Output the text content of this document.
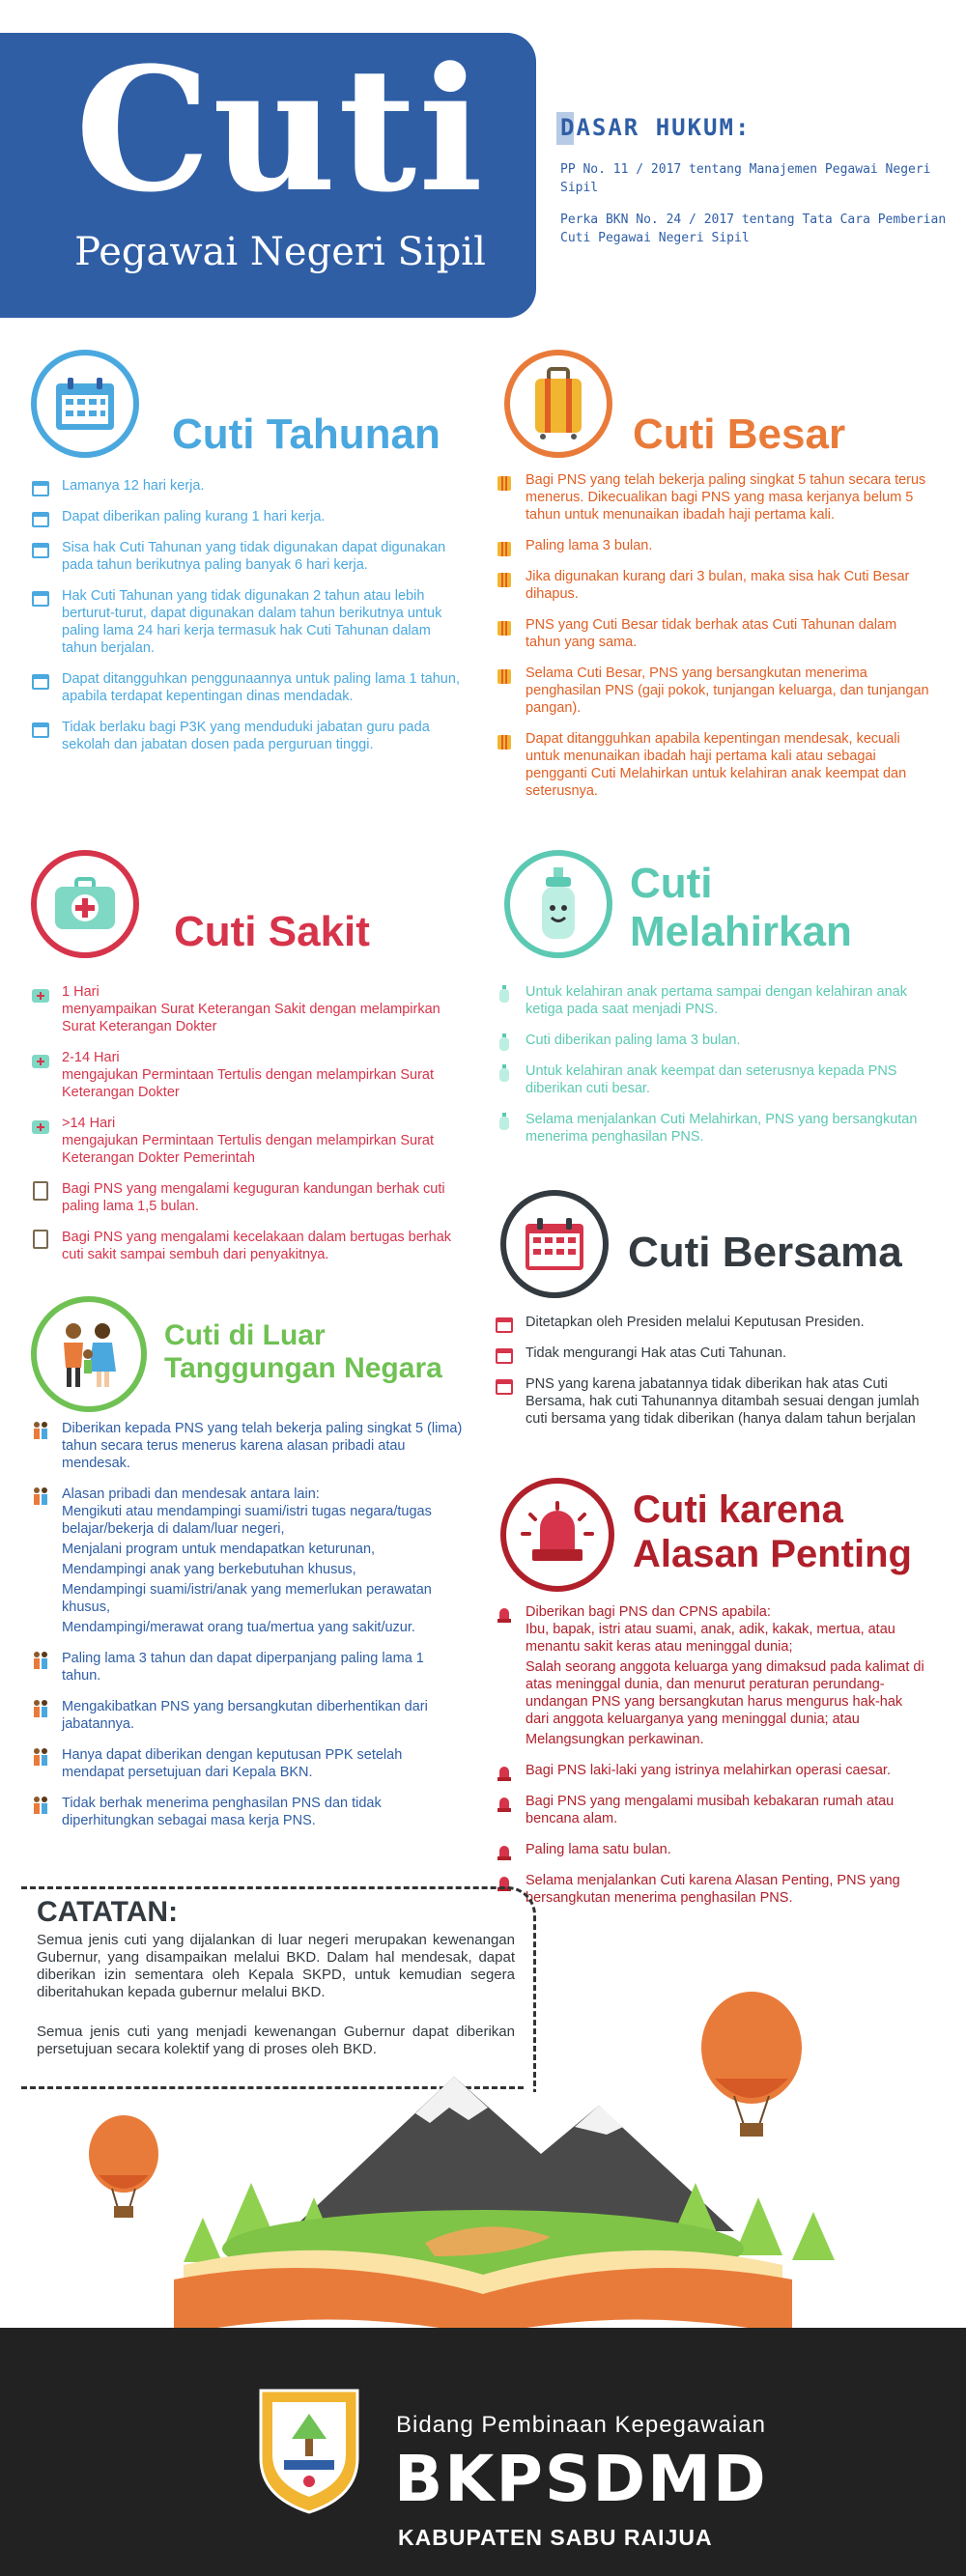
Cuti
Pegawai Negeri Sipil
DASAR HUKUM:
PP No. 11 / 2017 tentang Manajemen Pegawai Negeri Sipil
Perka BKN No. 24 / 2017 tentang Tata Cara Pemberian Cuti Pegawai Negeri Sipil
Cuti Tahunan
Lamanya 12 hari kerja.
Dapat diberikan paling kurang 1 hari kerja.
Sisa hak Cuti Tahunan yang tidak digunakan dapat digunakan pada tahun berikutnya paling banyak 6 hari kerja.
Hak Cuti Tahunan yang tidak digunakan 2 tahun atau lebih berturut-turut, dapat digunakan dalam tahun berikutnya untuk paling lama 24 hari kerja termasuk hak Cuti Tahunan dalam tahun berjalan.
Dapat ditangguhkan penggunaannya untuk paling lama 1 tahun, apabila terdapat kepentingan dinas mendadak.
Tidak berlaku bagi P3K yang menduduki jabatan guru pada sekolah dan jabatan dosen pada perguruan tinggi.
Cuti Besar
Bagi PNS yang telah bekerja paling singkat 5 tahun secara terus menerus. Dikecualikan bagi PNS yang masa kerjanya belum 5 tahun untuk menunaikan ibadah haji pertama kali.
Paling lama 3 bulan.
Jika digunakan kurang dari 3 bulan, maka sisa hak Cuti Besar dihapus.
PNS yang Cuti Besar tidak berhak atas Cuti Tahunan dalam tahun yang sama.
Selama Cuti Besar, PNS yang bersangkutan menerima penghasilan PNS (gaji pokok, tunjangan keluarga, dan tunjangan pangan).
Dapat ditangguhkan apabila kepentingan mendesak, kecuali untuk menunaikan ibadah haji pertama kali atau sebagai pengganti Cuti Melahirkan untuk kelahiran anak keempat dan seterusnya.
Cuti Sakit
1 Hari
menyampaikan Surat Keterangan Sakit dengan melampirkan Surat Keterangan Dokter
2-14 Hari
mengajukan Permintaan Tertulis dengan melampirkan Surat Keterangan Dokter
>14 Hari
mengajukan Permintaan Tertulis dengan melampirkan Surat Keterangan Dokter Pemerintah
Bagi PNS yang mengalami keguguran kandungan berhak cuti paling lama 1,5 bulan.
Bagi PNS yang mengalami kecelakaan dalam bertugas berhak cuti sakit sampai sembuh dari penyakitnya.
Cuti
Melahirkan
Untuk kelahiran anak pertama sampai dengan kelahiran anak ketiga pada saat menjadi PNS.
Cuti diberikan paling lama 3 bulan.
Untuk kelahiran anak keempat dan seterusnya kepada PNS diberikan cuti besar.
Selama menjalankan Cuti Melahirkan, PNS yang bersangkutan menerima penghasilan PNS.
Cuti Bersama
Ditetapkan oleh Presiden melalui Keputusan Presiden.
Tidak mengurangi Hak atas Cuti Tahunan.
PNS yang karena jabatannya tidak diberikan hak atas Cuti Bersama, hak cuti Tahunannya ditambah sesuai dengan jumlah cuti bersama yang tidak diberikan (hanya dalam tahun berjalan
Cuti di Luar
Tanggungan Negara
Diberikan kepada PNS yang telah bekerja paling singkat 5 (lima) tahun secara terus menerus karena alasan pribadi atau mendesak.
Alasan pribadi dan mendesak antara lain:
Mengikuti atau mendampingi suami/istri tugas negara/tugas belajar/bekerja di dalam/luar negeri,
Menjalani program untuk mendapatkan keturunan,
Mendampingi anak yang berkebutuhan khusus,
Mendampingi suami/istri/anak yang memerlukan perawatan khusus,
Mendampingi/merawat orang tua/mertua yang sakit/uzur.
Paling lama 3 tahun dan dapat diperpanjang paling lama 1 tahun.
Mengakibatkan PNS yang bersangkutan diberhentikan dari jabatannya.
Hanya dapat diberikan dengan keputusan PPK setelah mendapat persetujuan dari Kepala BKN.
Tidak berhak menerima penghasilan PNS dan tidak diperhitungkan sebagai masa kerja PNS.
Cuti karena
Alasan Penting
Diberikan bagi PNS dan CPNS apabila:
Ibu, bapak, istri atau suami, anak, adik, kakak, mertua, atau menantu sakit keras atau meninggal dunia;
Salah seorang anggota keluarga yang dimaksud pada kalimat di atas meninggal dunia, dan menurut peraturan perundang-undangan PNS yang bersangkutan harus mengurus hak-hak dari anggota keluarganya yang meninggal dunia; atau
Melangsungkan perkawinan.
Bagi PNS laki-laki yang istrinya melahirkan operasi caesar.
Bagi PNS yang mengalami musibah kebakaran rumah atau bencana alam.
Paling lama satu bulan.
Selama menjalankan Cuti karena Alasan Penting, PNS yang bersangkutan menerima penghasilan PNS.
CATATAN:
Semua jenis cuti yang dijalankan di luar negeri merupakan kewenangan Gubernur, yang disampaikan melalui BKD. Dalam hal mendesak, dapat diberikan izin sementara oleh Kepala SKPD, untuk kemudian segera diberitahukan kepada gubernur melalui BKD.
Semua jenis cuti yang menjadi kewenangan Gubernur dapat diberikan persetujuan secara kolektif yang di proses oleh BKD.
Bidang Pembinaan Kepegawaian
BKPSDMD
KABUPATEN SABU RAIJUA
